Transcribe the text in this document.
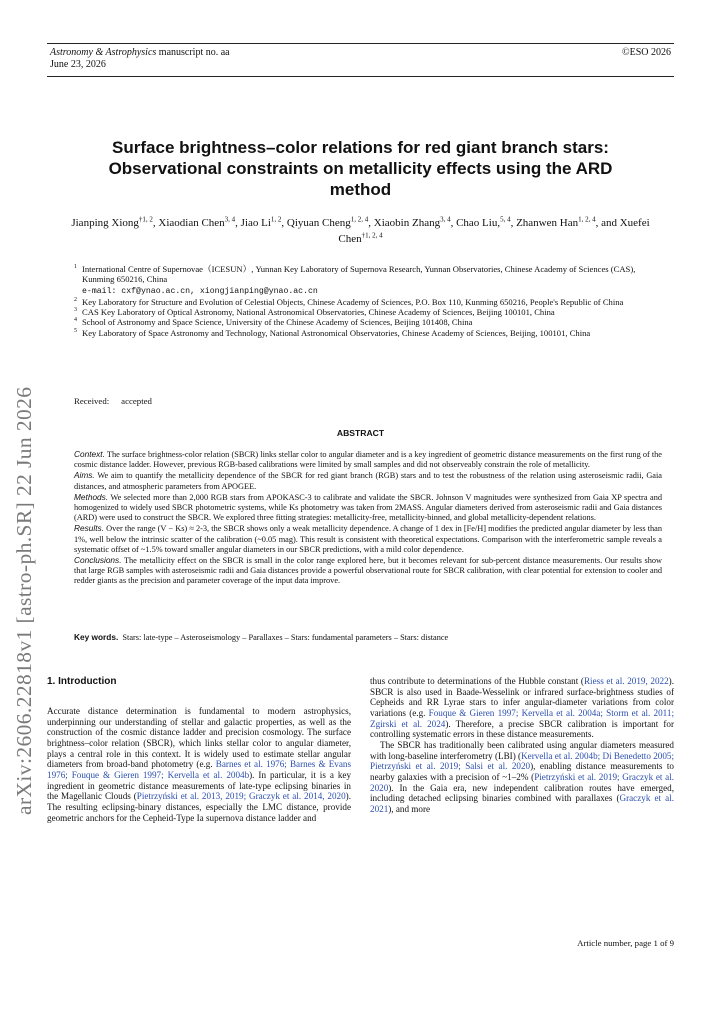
Astronomy & Astrophysics manuscript no. aa
June 23, 2026
©ESO 2026
arXiv:2606.22818v1 [astro-ph.SR] 22 Jun 2026
Surface brightness–color relations for red giant branch stars:
Observational constraints on metallicity effects using the ARD
method
Jianping Xiong$^{\dagger 1, 2}$, Xiaodian Chen$^{3, 4}$, Jiao Li$^{1, 2}$, Qiyuan Cheng$^{1, 2, 4}$, Xiaobin Zhang$^{3, 4}$, Chao Liu,$^{5, 4}$, Zhanwen Han$^{1, 2, 4}$, and Xuefei Chen$^{\dagger 1, 2, 4}$
1 International Centre of Supernovae（ICESUN）, Yunnan Key Laboratory of Supernova Research, Yunnan Observatories, Chinese Academy of Sciences (CAS), Kunming 650216, China
e-mail: cxf@ynao.ac.cn, xiongjianping@ynao.ac.cn
2 Key Laboratory for Structure and Evolution of Celestial Objects, Chinese Academy of Sciences, P.O. Box 110, Kunming 650216, People's Republic of China
3 CAS Key Laboratory of Optical Astronomy, National Astronomical Observatories, Chinese Academy of Sciences, Beijing 100101, China
4 School of Astronomy and Space Science, University of the Chinese Academy of Sciences, Beijing 101408, China
5 Key Laboratory of Space Astronomy and Technology, National Astronomical Observatories, Chinese Academy of Sciences, Beijing, 100101, China
Received: accepted
ABSTRACT

Context. The surface brightness-color relation (SBCR) links stellar color to angular diameter and is a key ingredient of geometric distance measurements on the first rung of the cosmic distance ladder. However, previous RGB-based calibrations were limited by small samples and did not observeably constrain the role of metallicity.

Aims. We aim to quantify the metallicity dependence of the SBCR for red giant branch (RGB) stars and to test the robustness of the relation using asteroseismic radii, Gaia distances, and atmospheric parameters from APOGEE.

Methods. We selected more than 2,000 RGB stars from APOKASC-3 to calibrate and validate the SBCR. Johnson V magnitudes were synthesized from Gaia XP spectra and homogenized to widely used SBCR photometric systems, while Ks photometry was taken from 2MASS. Angular diameters derived from asteroseismic radii and Gaia distances (ARD) were used to construct the SBCR. We explored three fitting strategies: metallicity-free, metallicity-binned, and global metallicity-dependent relations.

Results. Over the range (V − Ks) ≈ 2-3, the SBCR shows only a weak metallicity dependence. A change of 1 dex in [Fe/H] modifies the predicted angular diameter by less than 1%, well below the intrinsic scatter of the calibration (~0.05 mag). This result is consistent with theoretical expectations. Comparison with the interferometric sample reveals a systematic offset of ~1.5% toward smaller angular diameters in our SBCR predictions, with a mild color dependence.

Conclusions. The metallicity effect on the SBCR is small in the color range explored here, but it becomes relevant for sub-percent distance measurements. Our results show that large RGB samples with asteroseismic radii and Gaia distances provide a powerful observational route for SBCR calibration, with clear potential for extension to cooler and redder giants as the precision and parameter coverage of the input data improve.

Key words. Stars: late-type – Asteroseismology – Parallaxes – Stars: fundamental parameters – Stars: distance
1. Introduction

Accurate distance determination is fundamental to modern astrophysics, underpinning our understanding of stellar and galactic properties, as well as the construction of the cosmic distance ladder and precision cosmology. The surface brightness–color relation (SBCR), which links stellar color to angular diameter, plays a central role in this context. It is widely used to estimate stellar angular diameters from broad-band photometry (e.g. Barnes et al. 1976; Barnes & Evans 1976; Fouque & Gieren 1997; Kervella et al. 2004b). In particular, it is a key ingredient in geometric distance measurements of late-type eclipsing binaries in the Magellanic Clouds (Pietrzyński et al. 2013, 2019; Graczyk et al. 2014, 2020). The resulting eclipsing-binary distances, especially the LMC distance, provide geometric anchors for the Cepheid-Type Ia supernova distance ladder and

thus contribute to determinations of the Hubble constant (Riess et al. 2019, 2022). SBCR is also used in Baade-Wesselink or infrared surface-brightness studies of Cepheids and RR Lyrae stars to infer angular-diameter variations from color variations (e.g. Fouque & Gieren 1997; Kervella et al. 2004a; Storm et al. 2011; Zgirski et al. 2024). Therefore, a precise SBCR calibration is important for controlling systematic errors in these distance measurements.

The SBCR has traditionally been calibrated using angular diameters measured with long-baseline interferometry (LBI) (Kervella et al. 2004b; Di Benedetto 2005; Pietrzyński et al. 2019; Salsi et al. 2020), enabling distance measurements to nearby galaxies with a precision of ~1–2% (Pietrzyński et al. 2019; Graczyk et al. 2020). In the Gaia era, new independent calibration routes have emerged, including detached eclipsing binaries combined with parallaxes (Graczyk et al. 2021), and more

Article number, page 1 of 9
